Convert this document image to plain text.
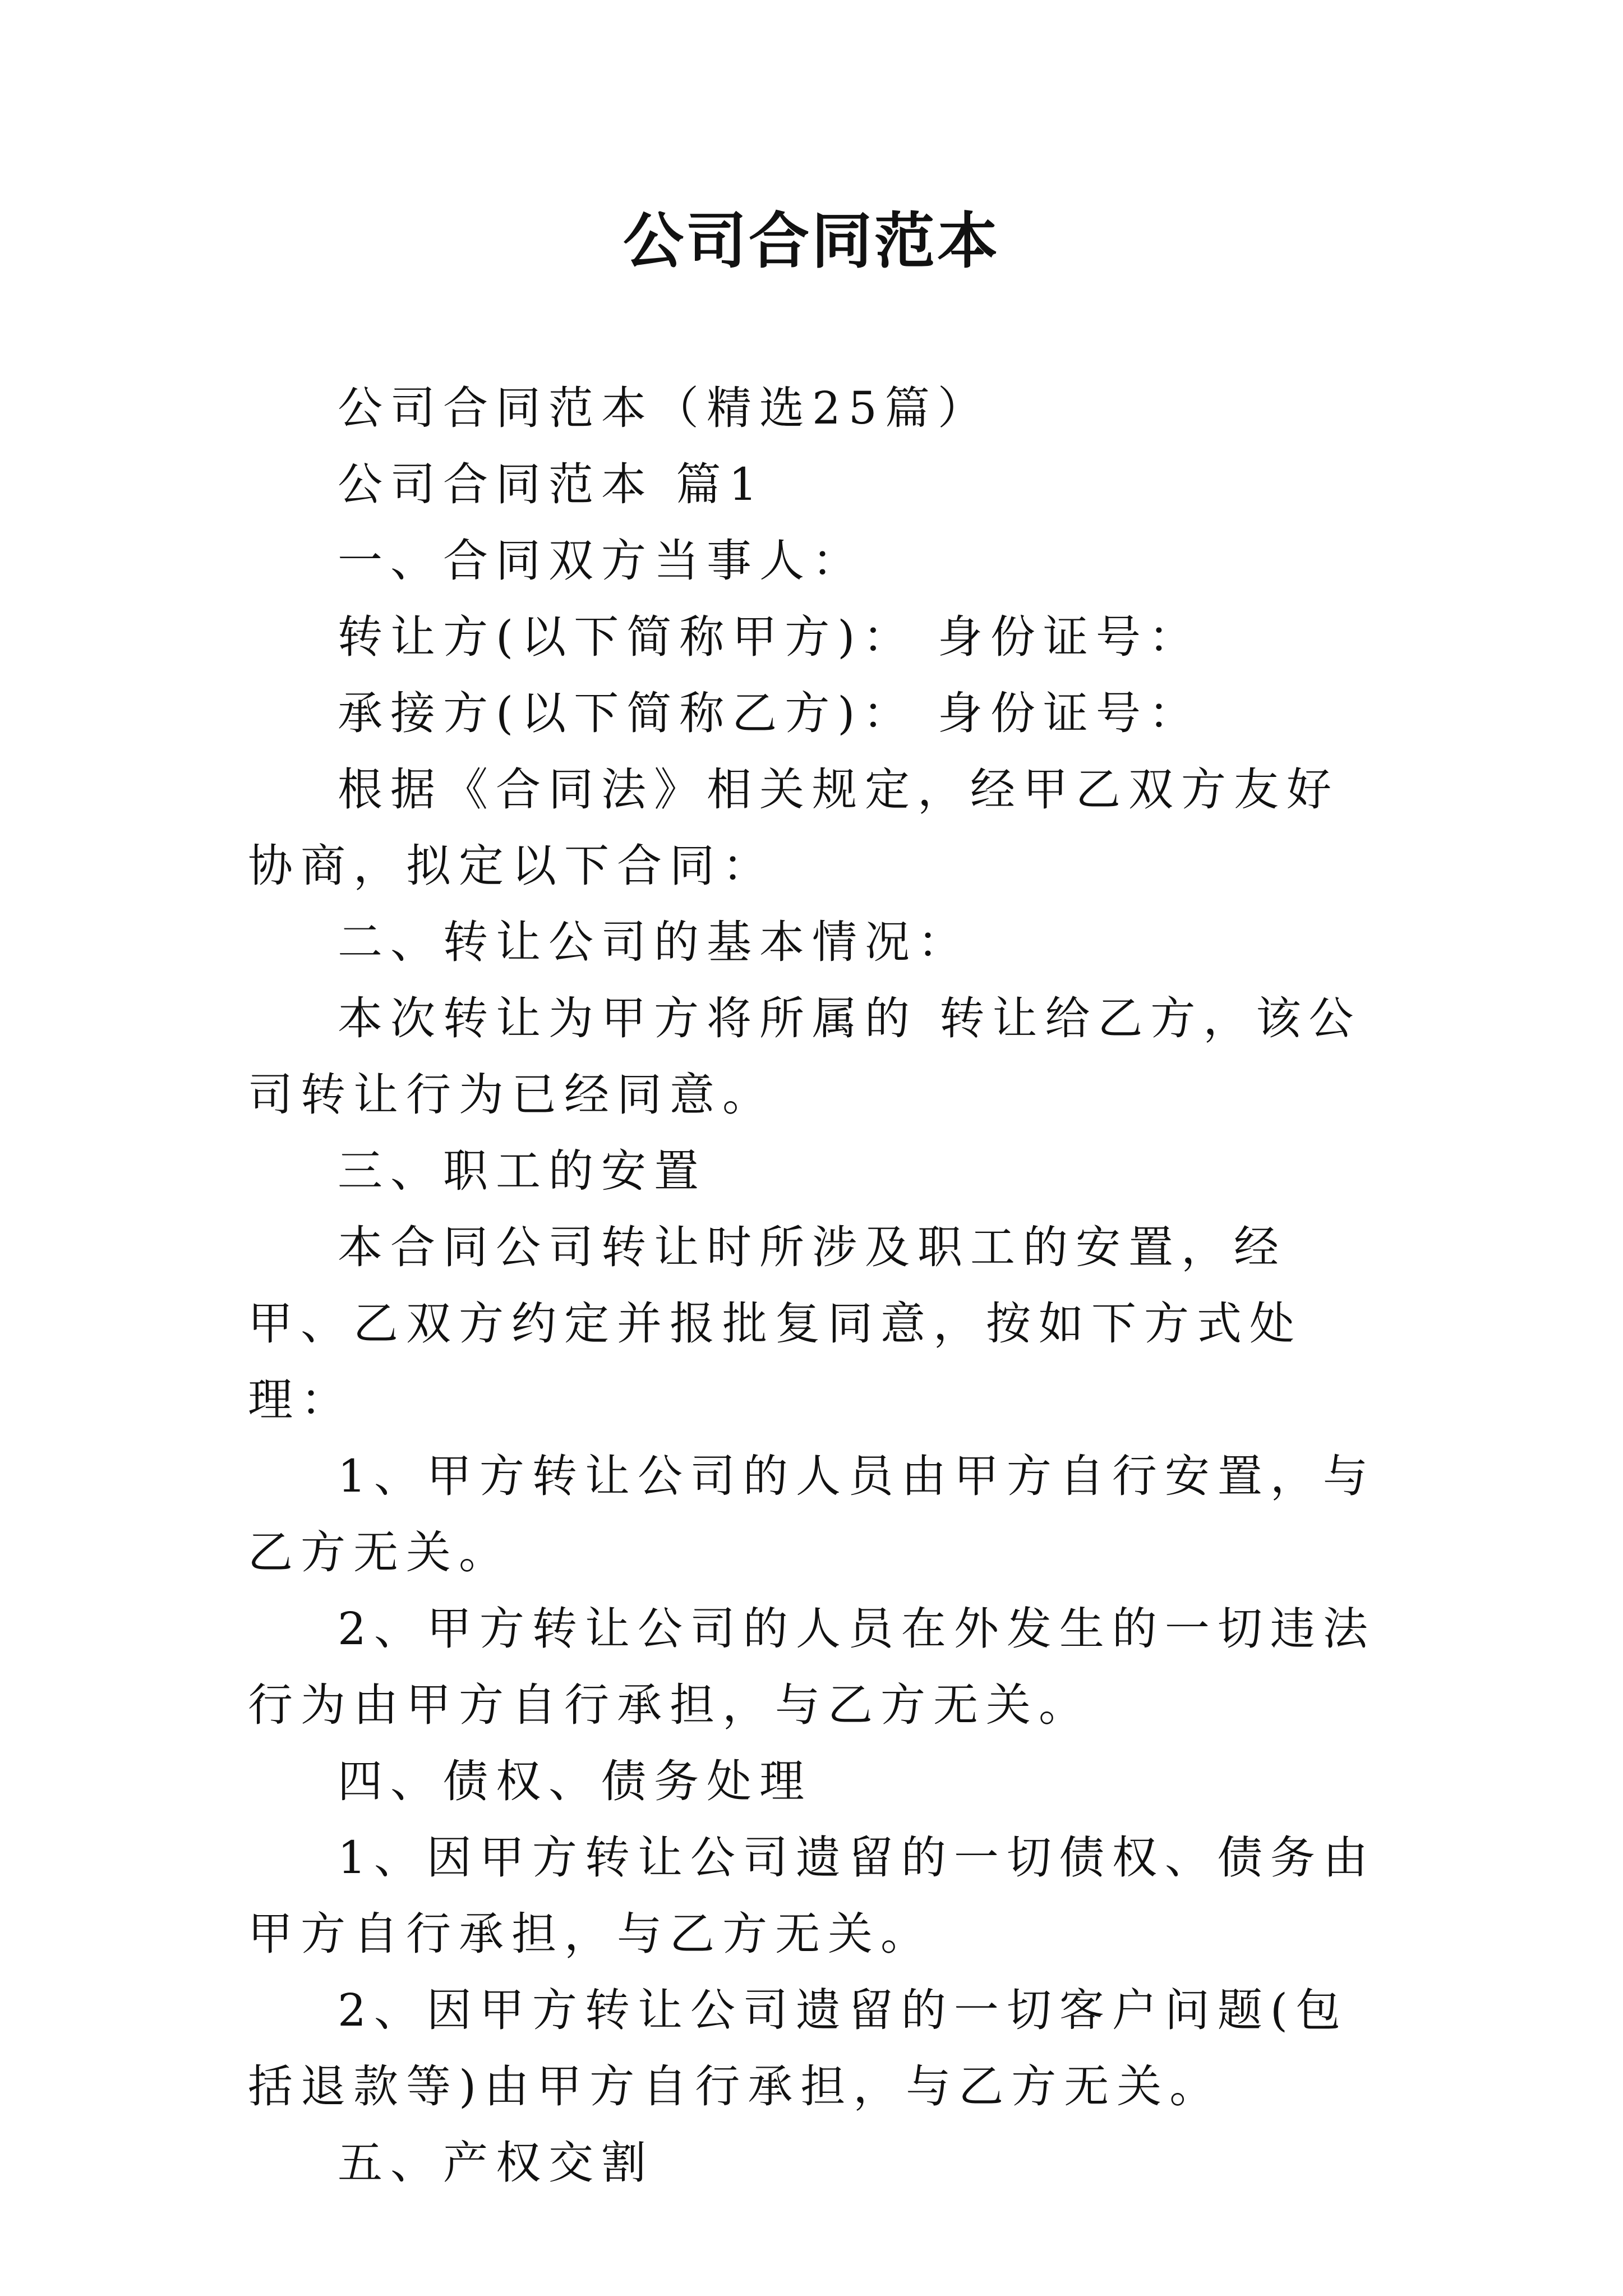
公司合同范本

公司合同范本（精选25篇）

公司合同范本 篇1

一、合同双方当事人：

转让方(以下简称甲方)： 身份证号：

承接方(以下简称乙方)： 身份证号：

根据《合同法》相关规定，经甲乙双方友好协商，拟定以下合同：

二、转让公司的基本情况：

本次转让为甲方将所属的 转让给乙方，该公司转让行为已经同意。

三、职工的安置

本合同公司转让时所涉及职工的安置，经甲、乙双方约定并报批复同意，按如下方式处理：

1、甲方转让公司的人员由甲方自行安置，与乙方无关。

2、甲方转让公司的人员在外发生的一切违法行为由甲方自行承担，与乙方无关。

四、债权、债务处理

1、因甲方转让公司遗留的一切债权、债务由甲方自行承担，与乙方无关。

2、因甲方转让公司遗留的一切客户问题(包括退款等)由甲方自行承担，与乙方无关。

五、产权交割
